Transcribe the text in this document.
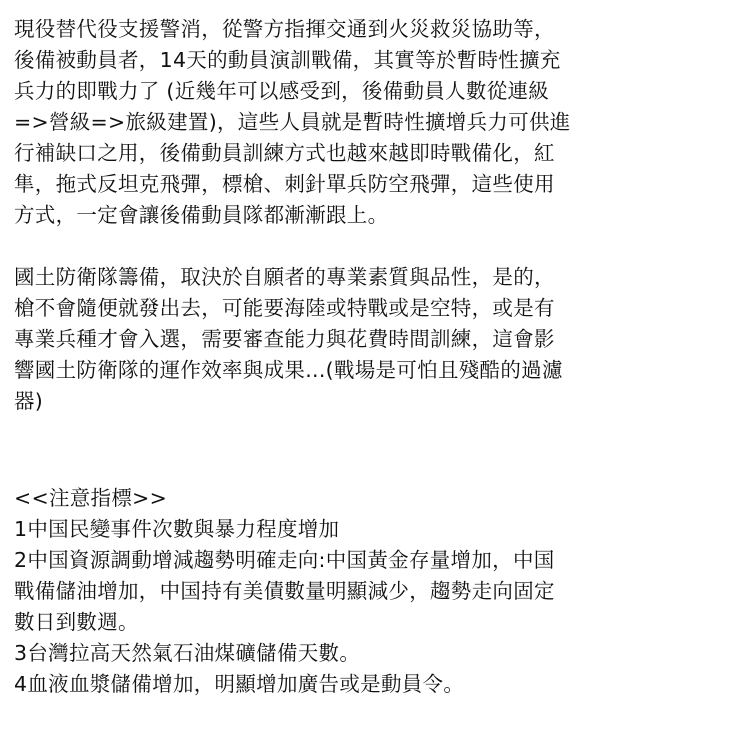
現役替代役支援警消，從警方指揮交通到火災救災協助等，
後備被動員者，14天的動員演訓戰備，其實等於暫時性擴充
兵力的即戰力了 (近幾年可以感受到，後備動員人數從連級
=>營級=>旅級建置)，這些人員就是暫時性擴增兵力可供進
行補缺口之用，後備動員訓練方式也越來越即時戰備化，紅
隼，拖式反坦克飛彈，標槍、刺針單兵防空飛彈，這些使用
方式，一定會讓後備動員隊都漸漸跟上。
國土防衛隊籌備，取決於自願者的專業素質與品性，是的，
槍不會隨便就發出去，可能要海陸或特戰或是空特，或是有
專業兵種才會入選，需要審查能力與花費時間訓練，這會影
響國土防衛隊的運作效率與成果...(戰場是可怕且殘酷的過濾
器)
<<注意指標>>
1中国民變事件次數與暴力程度增加
2中国資源調動增減趨勢明確走向:中国黃金存量增加，中国
戰備儲油增加，中国持有美債數量明顯減少，趨勢走向固定
數日到數週。
3台灣拉高天然氣石油煤礦儲備天數。
4血液血漿儲備增加，明顯增加廣告或是動員令。
